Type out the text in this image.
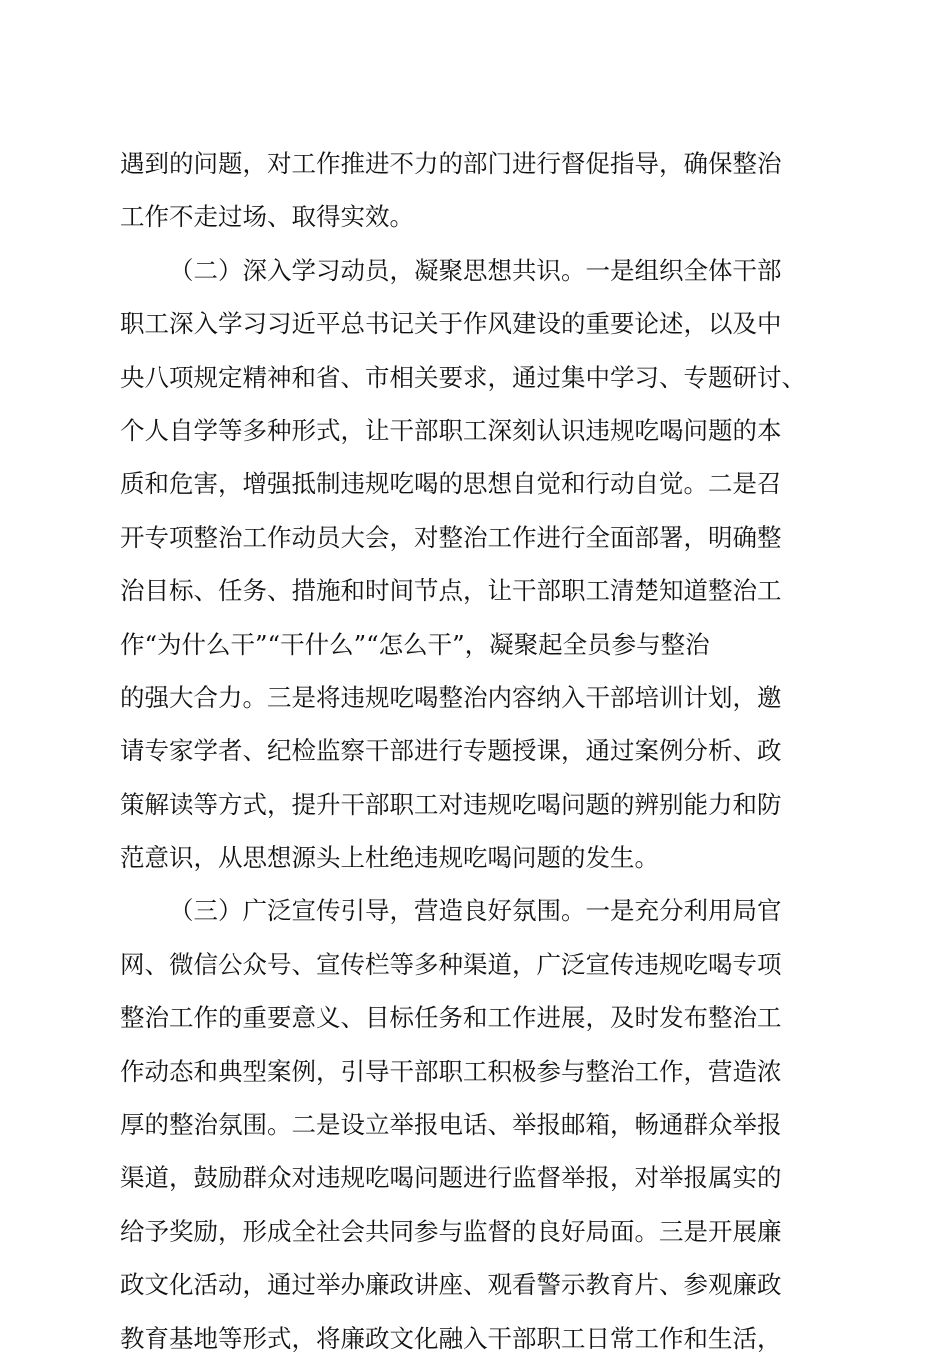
遇到的问题，对工作推进不力的部门进行督促指导，确保整治
工作不走过场、取得实效。
（二）深入学习动员，凝聚思想共识。一是组织全体干部
职工深入学习习近平总书记关于作风建设的重要论述，以及中
央八项规定精神和省、市相关要求，通过集中学习、专题研讨、
个人自学等多种形式，让干部职工深刻认识违规吃喝问题的本
质和危害，增强抵制违规吃喝的思想自觉和行动自觉。二是召
开专项整治工作动员大会，对整治工作进行全面部署，明确整
治目标、任务、措施和时间节点，让干部职工清楚知道整治工
作“为什么干”“干什么”“怎么干”，凝聚起全员参与整治
的强大合力。三是将违规吃喝整治内容纳入干部培训计划，邀
请专家学者、纪检监察干部进行专题授课，通过案例分析、政
策解读等方式，提升干部职工对违规吃喝问题的辨别能力和防
范意识，从思想源头上杜绝违规吃喝问题的发生。
（三）广泛宣传引导，营造良好氛围。一是充分利用局官
网、微信公众号、宣传栏等多种渠道，广泛宣传违规吃喝专项
整治工作的重要意义、目标任务和工作进展，及时发布整治工
作动态和典型案例，引导干部职工积极参与整治工作，营造浓
厚的整治氛围。二是设立举报电话、举报邮箱，畅通群众举报
渠道，鼓励群众对违规吃喝问题进行监督举报，对举报属实的
给予奖励，形成全社会共同参与监督的良好局面。三是开展廉
政文化活动，通过举办廉政讲座、观看警示教育片、参观廉政
教育基地等形式，将廉政文化融入干部职工日常工作和生活，
